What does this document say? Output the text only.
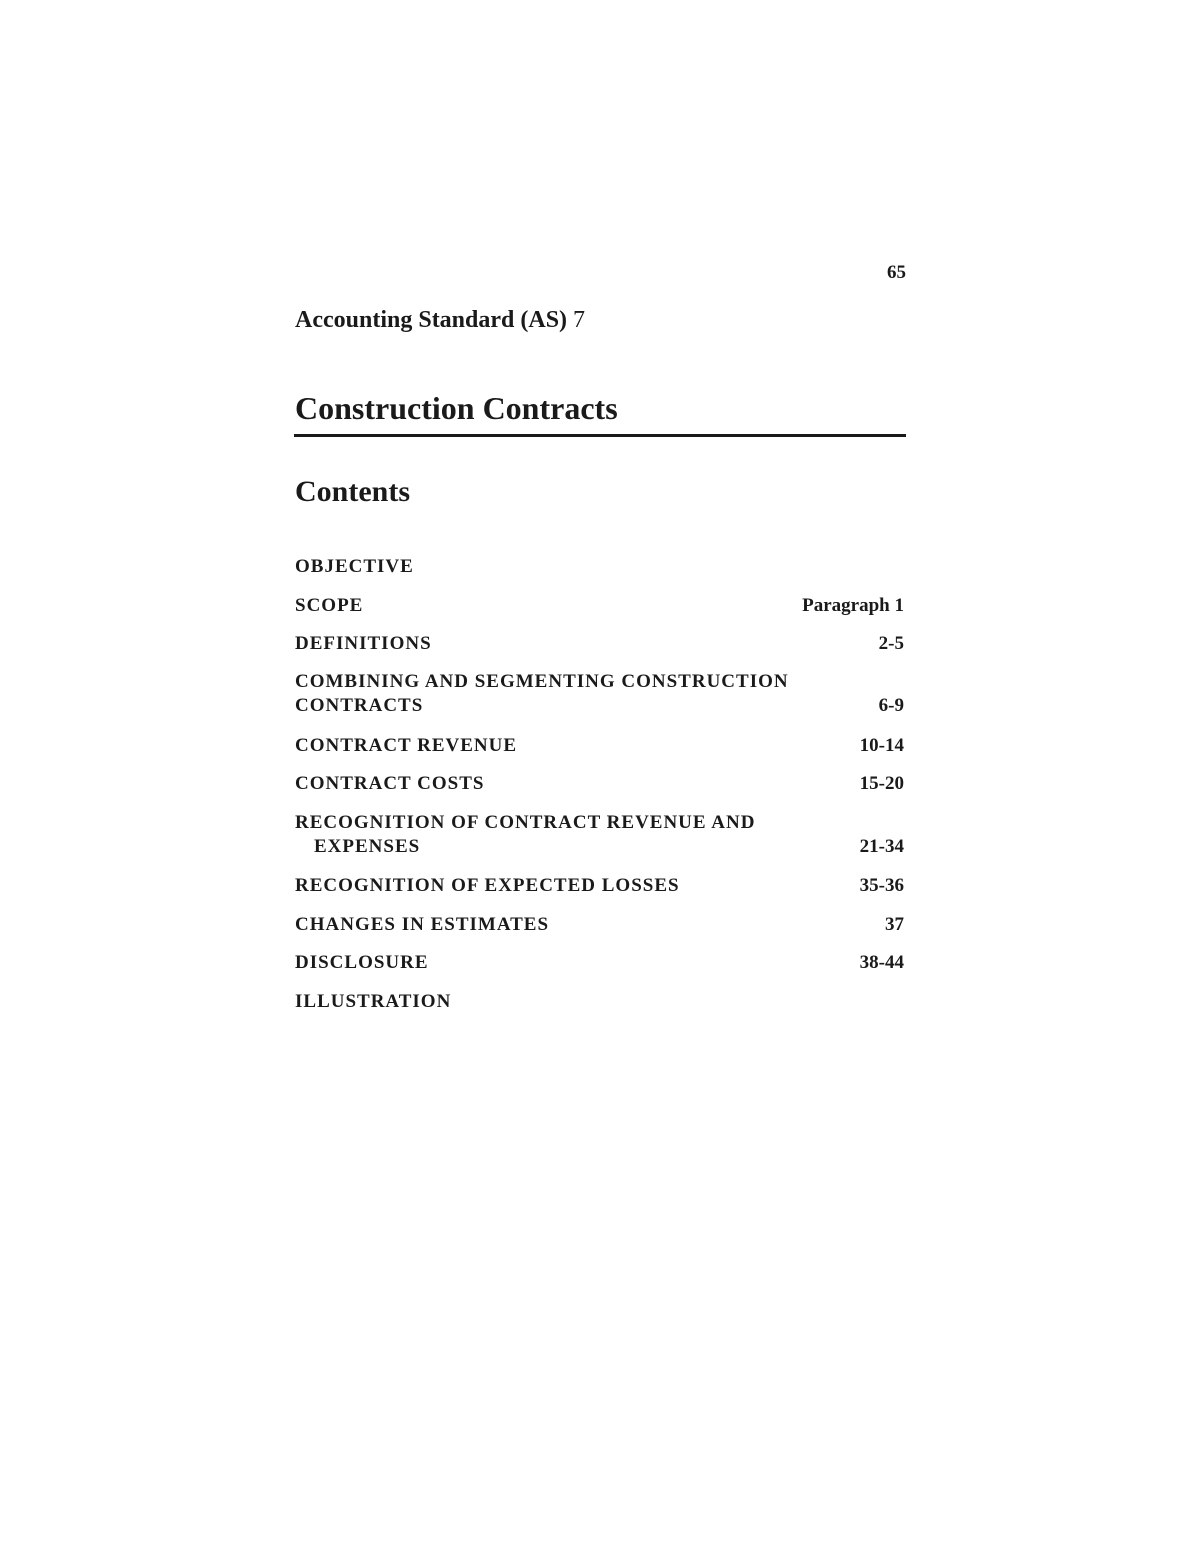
65
Accounting Standard (AS) 7
Construction Contracts
Contents
OBJECTIVE
SCOPE	Paragraph 1
DEFINITIONS	2-5
COMBINING AND SEGMENTING CONSTRUCTION
CONTRACTS	6-9
CONTRACT REVENUE	10-14
CONTRACT COSTS	15-20
RECOGNITION OF CONTRACT REVENUE AND
EXPENSES	21-34
RECOGNITION OF EXPECTED LOSSES	35-36
CHANGES IN ESTIMATES	37
DISCLOSURE	38-44
ILLUSTRATION
